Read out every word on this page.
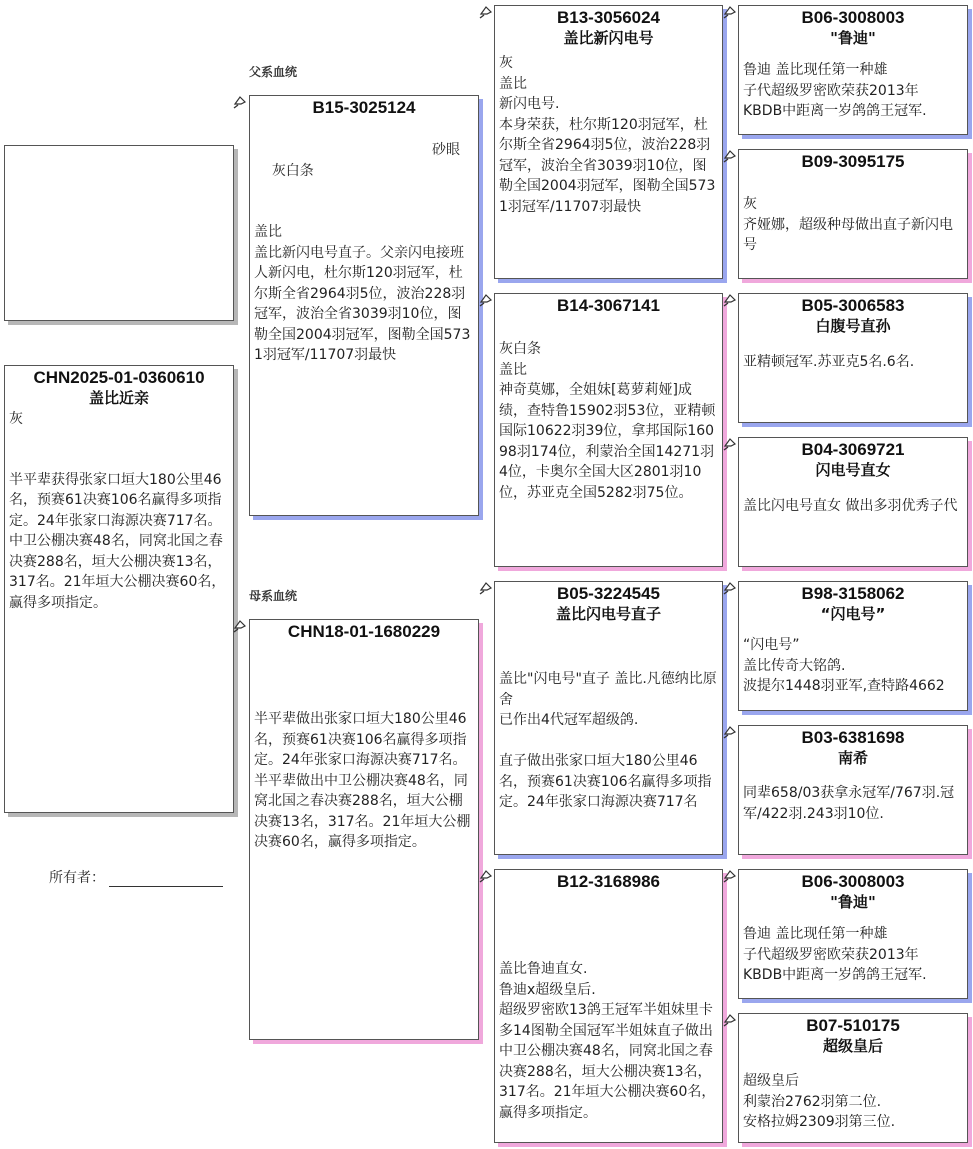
父系血统
母系血统
CHN2025-01-0360610
盖比近亲
灰
半平辈获得张家口垣大180公里46名，预赛61决赛106名赢得多项指定。24年张家口海源决赛717名。中卫公棚决赛48名，同窝北国之春决赛288名，垣大公棚决赛13名，317名。21年垣大公棚决赛60名，赢得多项指定。
所有者：
B15-3025124

灰白条

砂眼

盖比
盖比新闪电号直子。父亲闪电接班人新闪电，杜尔斯120羽冠军，杜尔斯全省2964羽5位，波治228羽冠军，波治全省3039羽10位，图勒全国2004羽冠军，图勒全国5731羽冠军/11707羽最快
CHN18-01-1680229
半平辈做出张家口垣大180公里46名，预赛61决赛106名赢得多项指定。24年张家口海源决赛717名。半平辈做出中卫公棚决赛48名，同窝北国之春决赛288名，垣大公棚决赛13名，317名。21年垣大公棚决赛60名，赢得多项指定。
B13-3056024
盖比新闪电号
灰
盖比
新闪电号.
本身荣获，杜尔斯120羽冠军，杜尔斯全省2964羽5位，波治228羽冠军，波治全省3039羽10位，图勒全国2004羽冠军，图勒全国5731羽冠军/11707羽最快
B14-3067141
灰白条
盖比
神奇莫娜，全姐妹[葛萝莉娅]成绩，查特鲁15902羽53位，亚精顿国际10622羽39位，拿邦国际16098羽174位，利蒙治全国14271羽4位，卡奥尔全国大区2801羽10位，苏亚克全国5282羽75位。
B05-3224545
盖比闪电号直子
盖比"闪电号"直子 盖比.凡德纳比原舍
已作出4代冠军超级鸽.

直子做出张家口垣大180公里46名，预赛61决赛106名赢得多项指定。24年张家口海源决赛717名
B12-3168986
盖比鲁迪直女.
鲁迪x超级皇后.
超级罗密欧13鸽王冠军半姐妹里卡多14图勒全国冠军半姐妹直子做出中卫公棚决赛48名，同窝北国之春决赛288名，垣大公棚决赛13名，317名。21年垣大公棚决赛60名，赢得多项指定。
B06-3008003
"鲁迪"
鲁迪 盖比现任第一种雄
子代超级罗密欧荣获2013年
KBDB中距离一岁鸽鸽王冠军.
B09-3095175
灰
齐娅娜，超级种母做出直子新闪电号
B05-3006583
白腹号直孙
亚精顿冠军.苏亚克5名.6名.
B04-3069721
闪电号直女
盖比闪电号直女 做出多羽优秀子代
B98-3158062
“闪电号”
“闪电号”
盖比传奇大铭鸽.
波提尔1448羽亚军,查特路4662
B03-6381698
南希
同辈658/03获拿永冠军/767羽.冠军/422羽.243羽10位.
B06-3008003
"鲁迪"
鲁迪 盖比现任第一种雄
子代超级罗密欧荣获2013年
KBDB中距离一岁鸽鸽王冠军.
B07-510175
超级皇后
超级皇后
利蒙治2762羽第二位.
安格拉姆2309羽第三位.
